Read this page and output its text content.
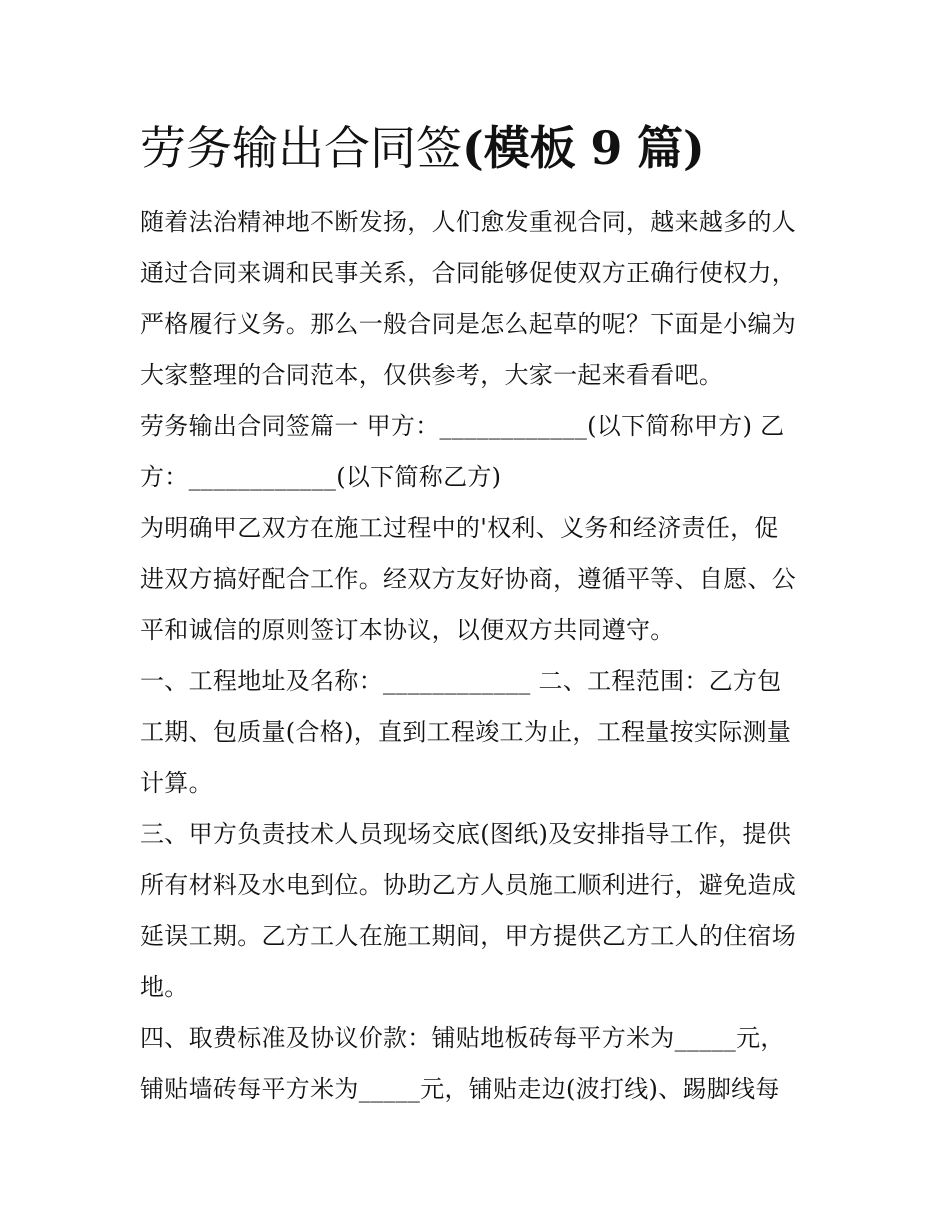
劳务输出合同签(模板 9 篇)
随着法治精神地不断发扬，人们愈发重视合同，越来越多的人
通过合同来调和民事关系，合同能够促使双方正确行使权力，
严格履行义务。那么一般合同是怎么起草的呢？下面是小编为
大家整理的合同范本，仅供参考，大家一起来看看吧。
劳务输出合同签篇一 甲方：____________(以下简称甲方) 乙
方：____________(以下简称乙方)
为明确甲乙双方在施工过程中的'权利、义务和经济责任，促
进双方搞好配合工作。经双方友好协商，遵循平等、自愿、公
平和诚信的原则签订本协议，以便双方共同遵守。
一、工程地址及名称：____________ 二、工程范围：乙方包
工期、包质量(合格)，直到工程竣工为止，工程量按实际测量
计算。
三、甲方负责技术人员现场交底(图纸)及安排指导工作，提供
所有材料及水电到位。协助乙方人员施工顺利进行，避免造成
延误工期。乙方工人在施工期间，甲方提供乙方工人的住宿场
地。
四、取费标准及协议价款：铺贴地板砖每平方米为_____元，
铺贴墙砖每平方米为_____元，铺贴走边(波打线)、踢脚线每
